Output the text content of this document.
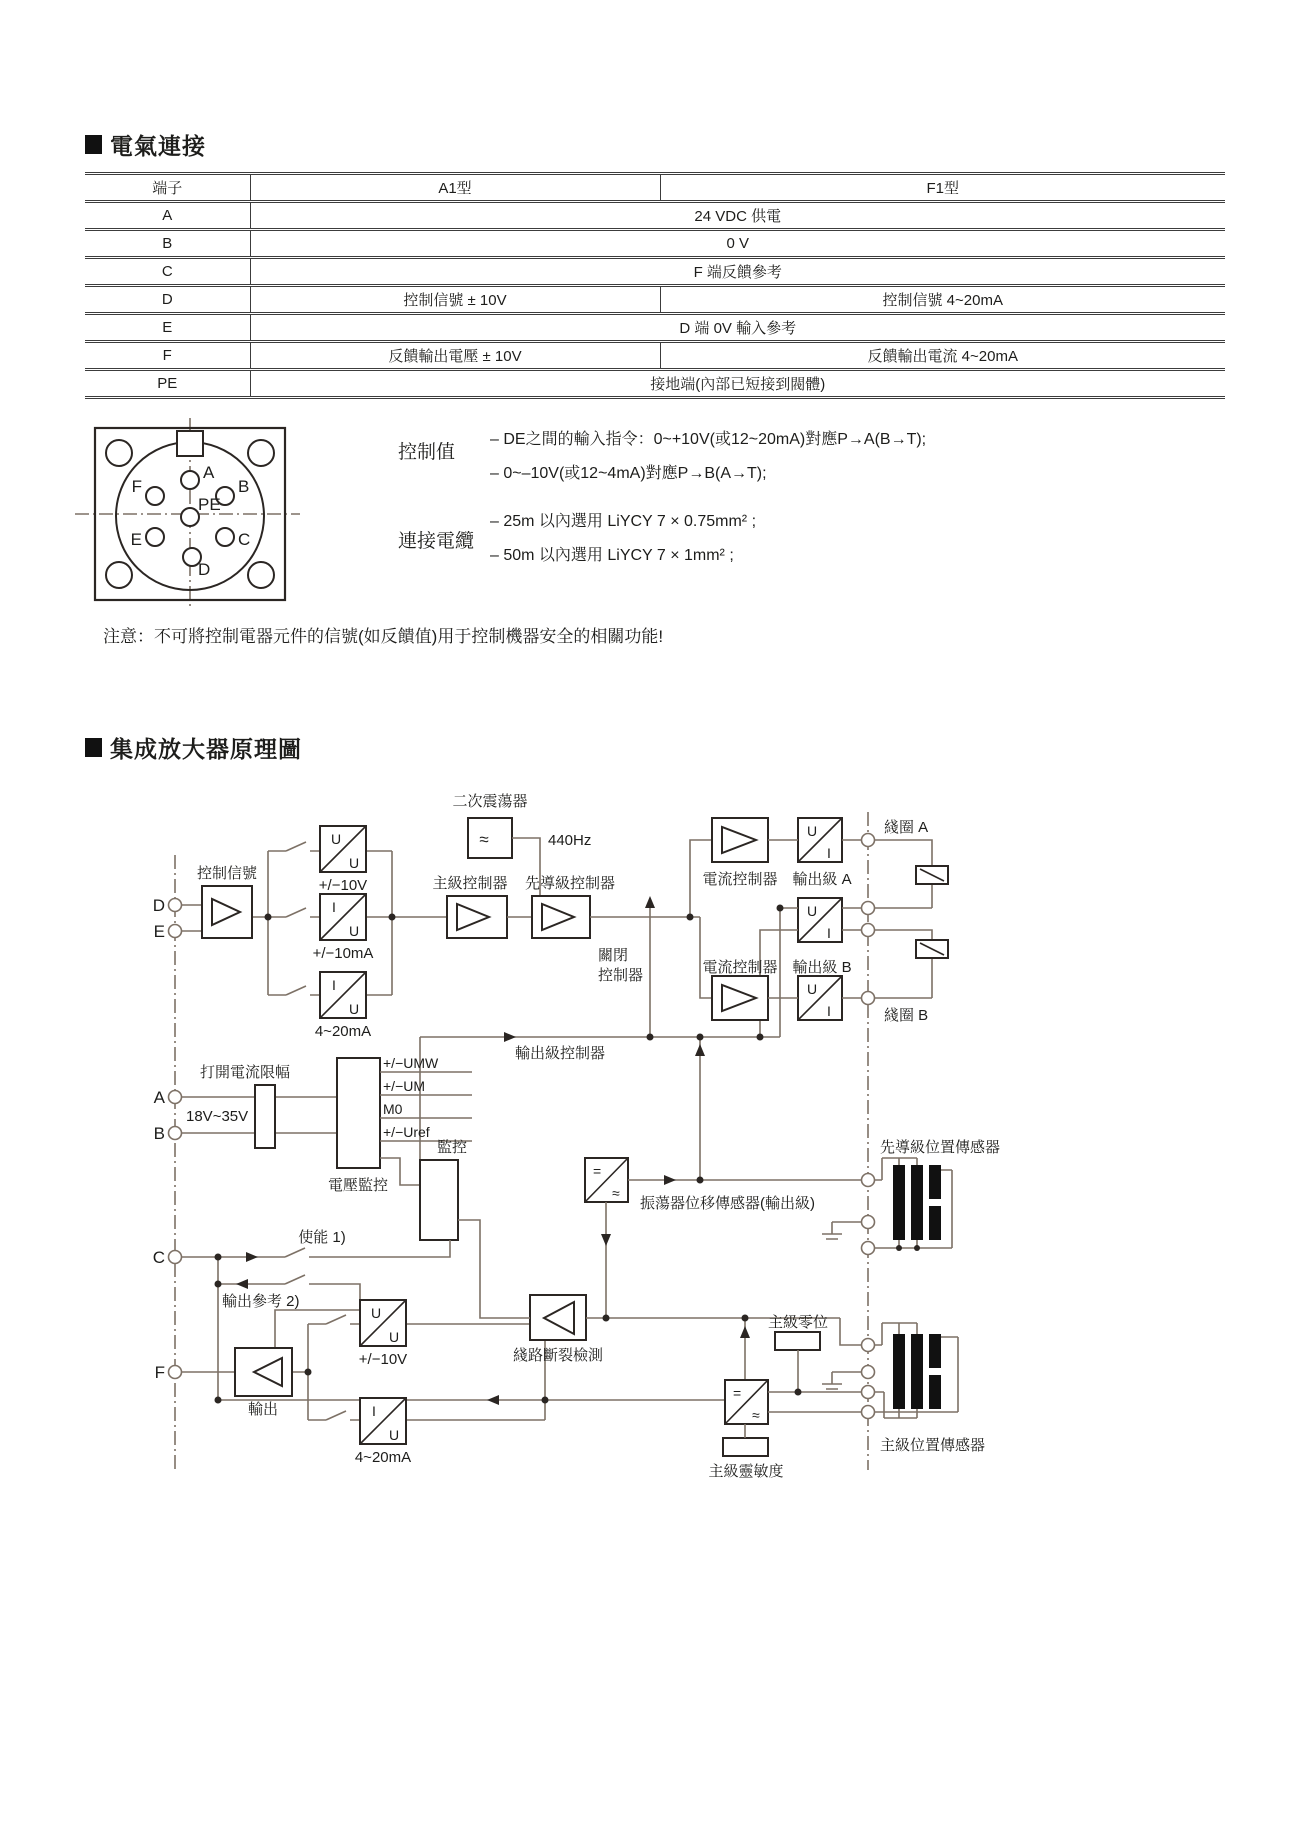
電氣連接
端子	A1型	F1型
A	24 VDC 供電	
B	0 V	
C	F 端反饋參考	
D	控制信號 ± 10V	控制信號 4~20mA
E	D 端 0V 輸入參考	
F	反饋輸出電壓 ± 10V	反饋輸出電流 4~20mA
PE	接地端(內部已短接到閥體)	
控制值
– DE之間的輸入指令：0~+10V(或12~20mA)對應P→A(B→T);
– 0~–10V(或12~4mA)對應P→B(A→T);
連接電纜
– 25m 以內選用 LiYCY 7 × 0.75mm² ;
– 50m 以內選用 LiYCY 7 × 1mm² ;
注意：不可將控制電器元件的信號(如反饋值)用于控制機器安全的相關功能!
集成放大器原理圖
A
B
C
D
E
F
PE
D
E
A
B
C
F
控制信號
+/−10V
+/−10mA
4~20mA
二次震蕩器
440Hz
主級控制器 先導級控制器
關閉
控制器
電流控制器 輸出級 A
綫圈 A
電流控制器 輸出級 B
綫圈 B
輸出級控制器
打開電流限幅
18V~35V
電壓監控
+/−UMW
+/−UM
M0
+/−Uref
監控
使能 1)
輸出參考 2)
輸出
+/−10V
4~20mA
振蕩器位移傳感器(輸出級)
綫路斷裂檢測
主級零位
主級靈敏度
先導級位置傳感器
主級位置傳感器
U
U
I
U
I
U
U
I
U
I
U
I
U
U
I
U
≈
=
≈
=
≈
